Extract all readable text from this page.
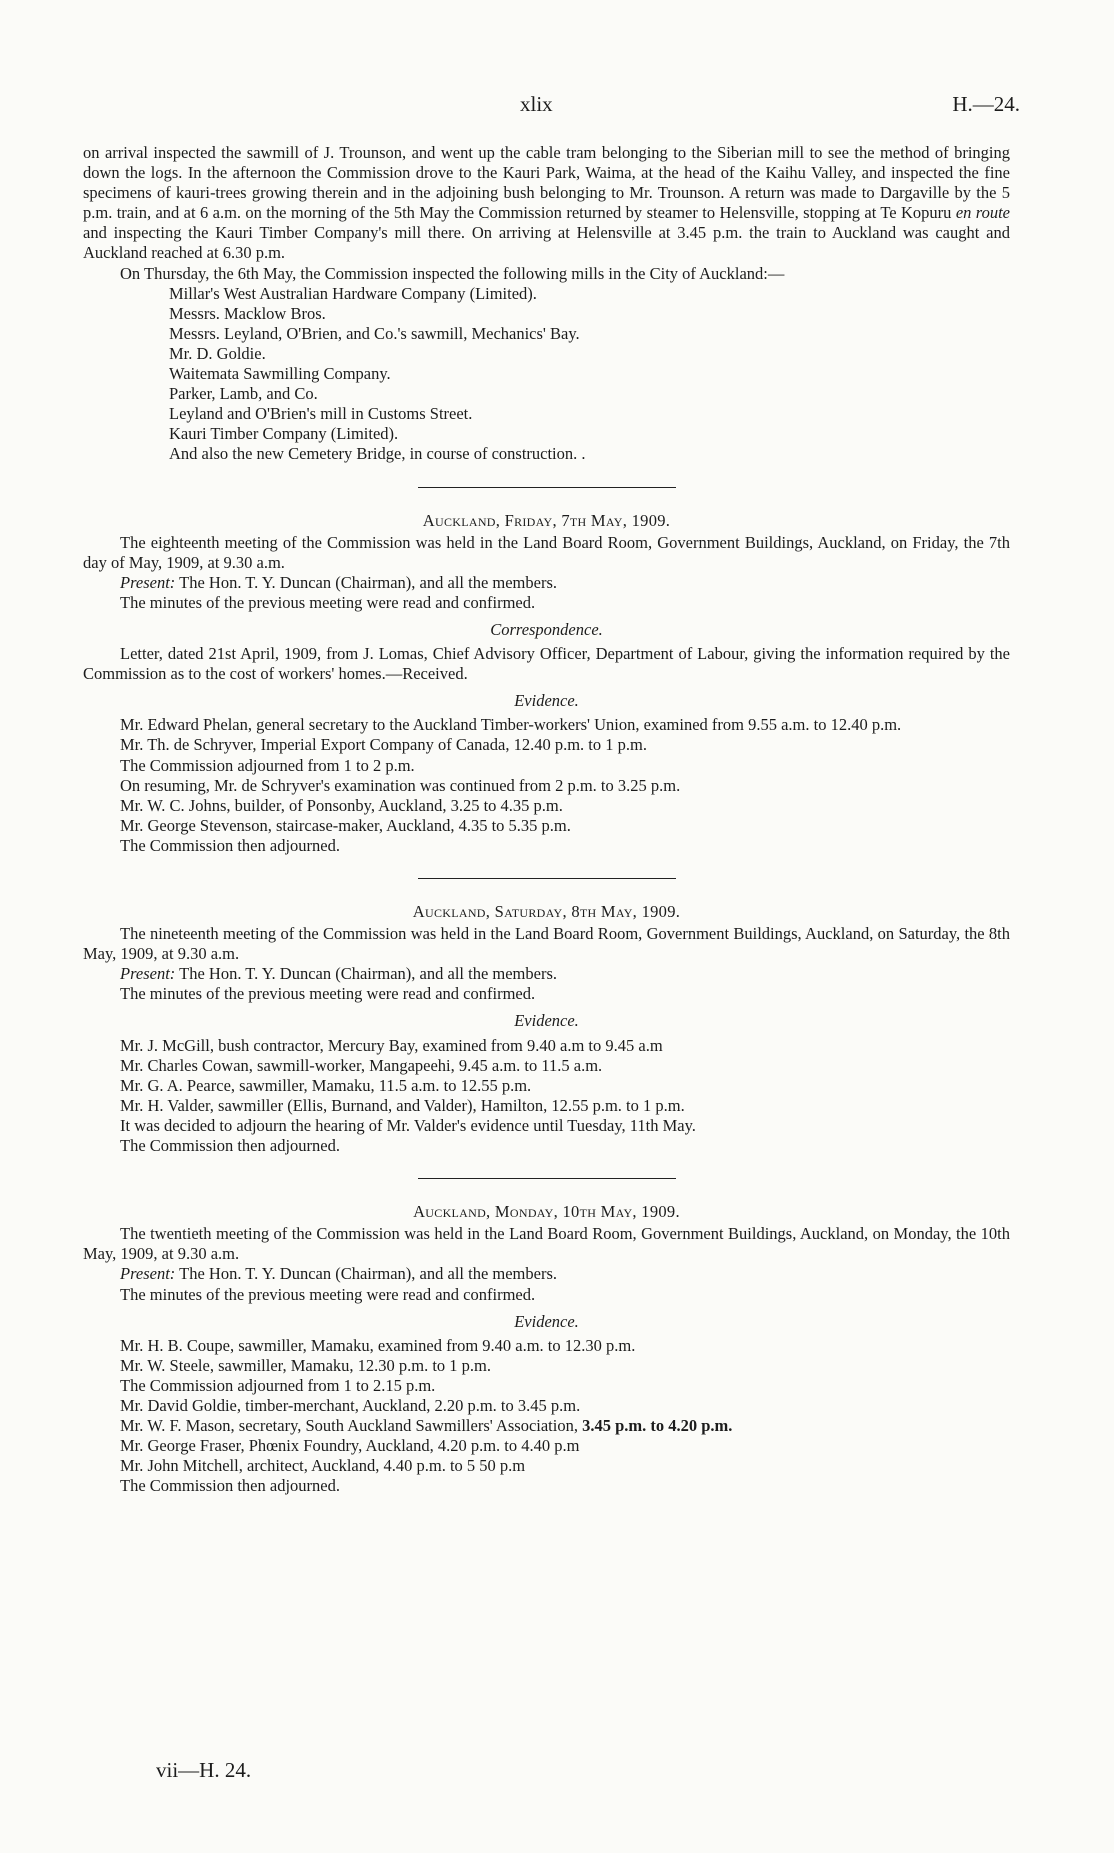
xlix	H.—24.

on arrival inspected the sawmill of J. Trounson, and went up the cable tram belonging to the Siberian mill to see the method of bringing down the logs. In the afternoon the Commission drove to the Kauri Park, Waima, at the head of the Kaihu Valley, and inspected the fine specimens of kauri-trees growing therein and in the adjoining bush belonging to Mr. Trounson. A return was made to Dargaville by the 5 p.m. train, and at 6 a.m. on the morning of the 5th May the Commission returned by steamer to Helensville, stopping at Te Kopuru en route and inspecting the Kauri Timber Company's mill there. On arriving at Helensville at 3.45 p.m. the train to Auckland was caught and Auckland reached at 6.30 p.m.

On Thursday, the 6th May, the Commission inspected the following mills in the City of Auckland:—

Millar's West Australian Hardware Company (Limited).

Messrs. Macklow Bros.

Messrs. Leyland, O'Brien, and Co.'s sawmill, Mechanics' Bay.

Mr. D. Goldie.

Waitemata Sawmilling Company.

Parker, Lamb, and Co.

Leyland and O'Brien's mill in Customs Street.

Kauri Timber Company (Limited).

And also the new Cemetery Bridge, in course of construction. .

Auckland, Friday, 7th May, 1909.

The eighteenth meeting of the Commission was held in the Land Board Room, Government Buildings, Auckland, on Friday, the 7th day of May, 1909, at 9.30 a.m.

Present: The Hon. T. Y. Duncan (Chairman), and all the members.

The minutes of the previous meeting were read and confirmed.

Correspondence.

Letter, dated 21st April, 1909, from J. Lomas, Chief Advisory Officer, Department of Labour, giving the information required by the Commission as to the cost of workers' homes.—Received.

Evidence.

Mr. Edward Phelan, general secretary to the Auckland Timber-workers' Union, examined from 9.55 a.m. to 12.40 p.m.

Mr. Th. de Schryver, Imperial Export Company of Canada, 12.40 p.m. to 1 p.m.

The Commission adjourned from 1 to 2 p.m.

On resuming, Mr. de Schryver's examination was continued from 2 p.m. to 3.25 p.m.

Mr. W. C. Johns, builder, of Ponsonby, Auckland, 3.25 to 4.35 p.m.

Mr. George Stevenson, staircase-maker, Auckland, 4.35 to 5.35 p.m.

The Commission then adjourned.

Auckland, Saturday, 8th May, 1909.

The nineteenth meeting of the Commission was held in the Land Board Room, Government Buildings, Auckland, on Saturday, the 8th May, 1909, at 9.30 a.m.

Present: The Hon. T. Y. Duncan (Chairman), and all the members.

The minutes of the previous meeting were read and confirmed.

Evidence.

Mr. J. McGill, bush contractor, Mercury Bay, examined from 9.40 a.m to 9.45 a.m

Mr. Charles Cowan, sawmill-worker, Mangapeehi, 9.45 a.m. to 11.5 a.m.

Mr. G. A. Pearce, sawmiller, Mamaku, 11.5 a.m. to 12.55 p.m.

Mr. H. Valder, sawmiller (Ellis, Burnand, and Valder), Hamilton, 12.55 p.m. to 1 p.m.

It was decided to adjourn the hearing of Mr. Valder's evidence until Tuesday, 11th May.

The Commission then adjourned.

Auckland, Monday, 10th May, 1909.

The twentieth meeting of the Commission was held in the Land Board Room, Government Buildings, Auckland, on Monday, the 10th May, 1909, at 9.30 a.m.

Present: The Hon. T. Y. Duncan (Chairman), and all the members.

The minutes of the previous meeting were read and confirmed.

Evidence.

Mr. H. B. Coupe, sawmiller, Mamaku, examined from 9.40 a.m. to 12.30 p.m.

Mr. W. Steele, sawmiller, Mamaku, 12.30 p.m. to 1 p.m.

The Commission adjourned from 1 to 2.15 p.m.

Mr. David Goldie, timber-merchant, Auckland, 2.20 p.m. to 3.45 p.m.

Mr. W. F. Mason, secretary, South Auckland Sawmillers' Association, 3.45 p.m. to 4.20 p.m.

Mr. George Fraser, Phœnix Foundry, Auckland, 4.20 p.m. to 4.40 p.m

Mr. John Mitchell, architect, Auckland, 4.40 p.m. to 5 50 p.m

The Commission then adjourned.

vii—H. 24.
